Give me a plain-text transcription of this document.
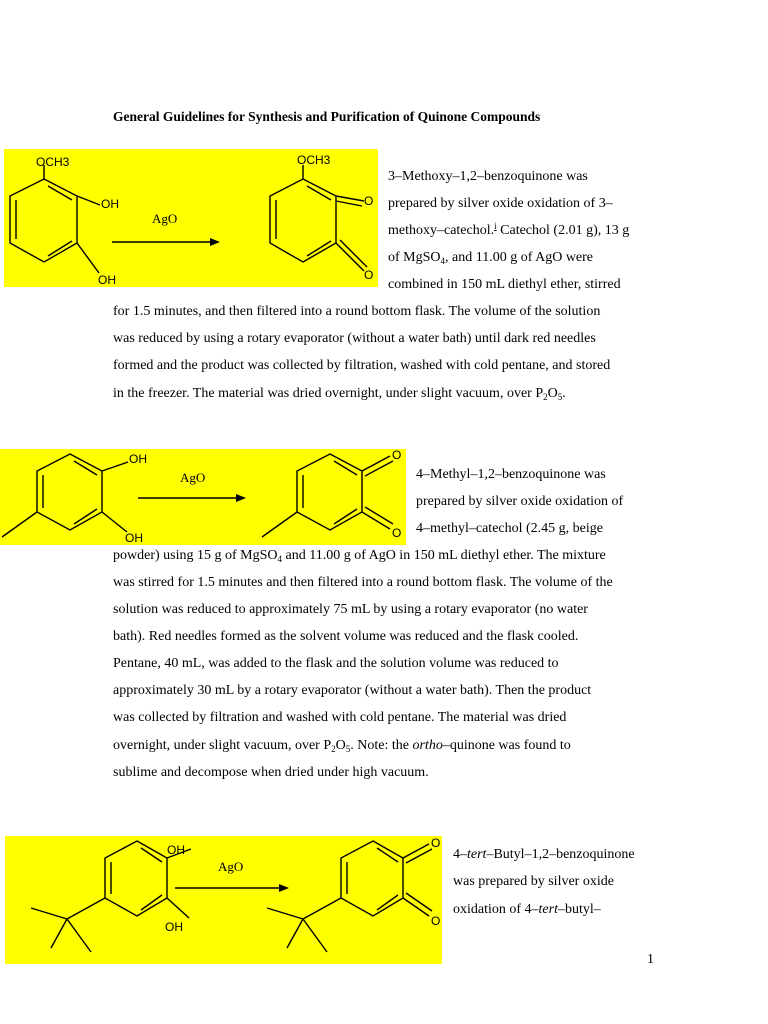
General Guidelines for Synthesis and Purification of Quinone Compounds
OCH3
OH
OH
AgO
OCH3
O
O
3–Methoxy–1,2–benzoquinone was
prepared by silver oxide oxidation of 3–
methoxy–catechol.$^i$ Catechol (2.01 g), 13 g
of MgSO$_4$, and 11.00 g of AgO were
combined in 150 mL diethyl ether, stirred
for 1.5 minutes, and then filtered into a round bottom flask. The volume of the solution
was reduced by using a rotary evaporator (without a water bath) until dark red needles
formed and the product was collected by filtration, washed with cold pentane, and stored
in the freezer. The material was dried overnight, under slight vacuum, over $P_2O_5$.
OH
OH
AgO
O
O
4–Methyl–1,2–benzoquinone was
prepared by silver oxide oxidation of
4–methyl–catechol (2.45 g, beige
powder) using 15 g of MgSO$_4$ and 11.00 g of AgO in 150 mL diethyl ether. The mixture
was stirred for 1.5 minutes and then filtered into a round bottom flask. The volume of the
solution was reduced to approximately 75 mL by using a rotary evaporator (no water
bath). Red needles formed as the solvent volume was reduced and the flask cooled.
Pentane, 40 mL, was added to the flask and the solution volume was reduced to
approximately 30 mL by a rotary evaporator (without a water bath). Then the product
was collected by filtration and washed with cold pentane. The material was dried
overnight, under slight vacuum, over $P_2O_5$. Note: the ortho–quinone was found to
sublime and decompose when dried under high vacuum.
OH
OH
AgO
O
O
4–tert–Butyl–1,2–benzoquinone
was prepared by silver oxide
oxidation of 4–tert–butyl–
1
